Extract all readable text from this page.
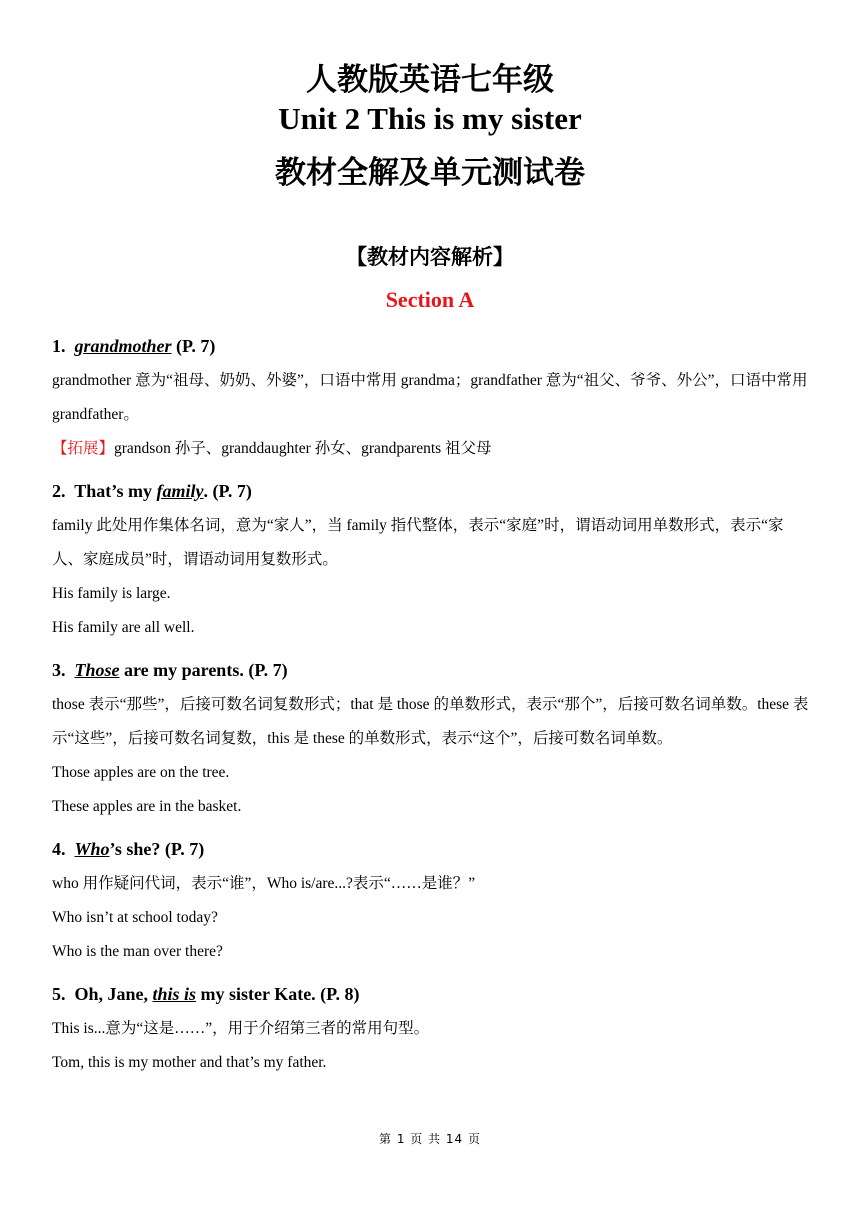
人教版英语七年级

Unit 2 This is my sister

教材全解及单元测试卷

【教材内容解析】

Section A

1. grandmother (P. 7)

grandmother 意为“祖母、奶奶、外婆”，口语中常用 grandma；grandfather 意为“祖父、爷爷、外公”，口语中常用 grandfather。

【拓展】grandson 孙子、granddaughter 孙女、grandparents 祖父母

2. That’s my family. (P. 7)

family 此处用作集体名词，意为“家人”，当 family 指代整体，表示“家庭”时，谓语动词用单数形式，表示“家人、家庭成员”时，谓语动词用复数形式。

His family is large.

His family are all well.

3. Those are my parents. (P. 7)

those 表示“那些”，后接可数名词复数形式；that 是 those 的单数形式，表示“那个”，后接可数名词单数。these 表示“这些”，后接可数名词复数，this 是 these 的单数形式，表示“这个”，后接可数名词单数。

Those apples are on the tree.

These apples are in the basket.

4. Who’s she? (P. 7)

who 用作疑问代词，表示“谁”，Who is/are...?表示“……是谁？”

Who isn’t at school today?

Who is the man over there?

5. Oh, Jane, this is my sister Kate. (P. 8)

This is...意为“这是……”，用于介绍第三者的常用句型。

Tom, this is my mother and that’s my father.

第 1 页 共 14 页
